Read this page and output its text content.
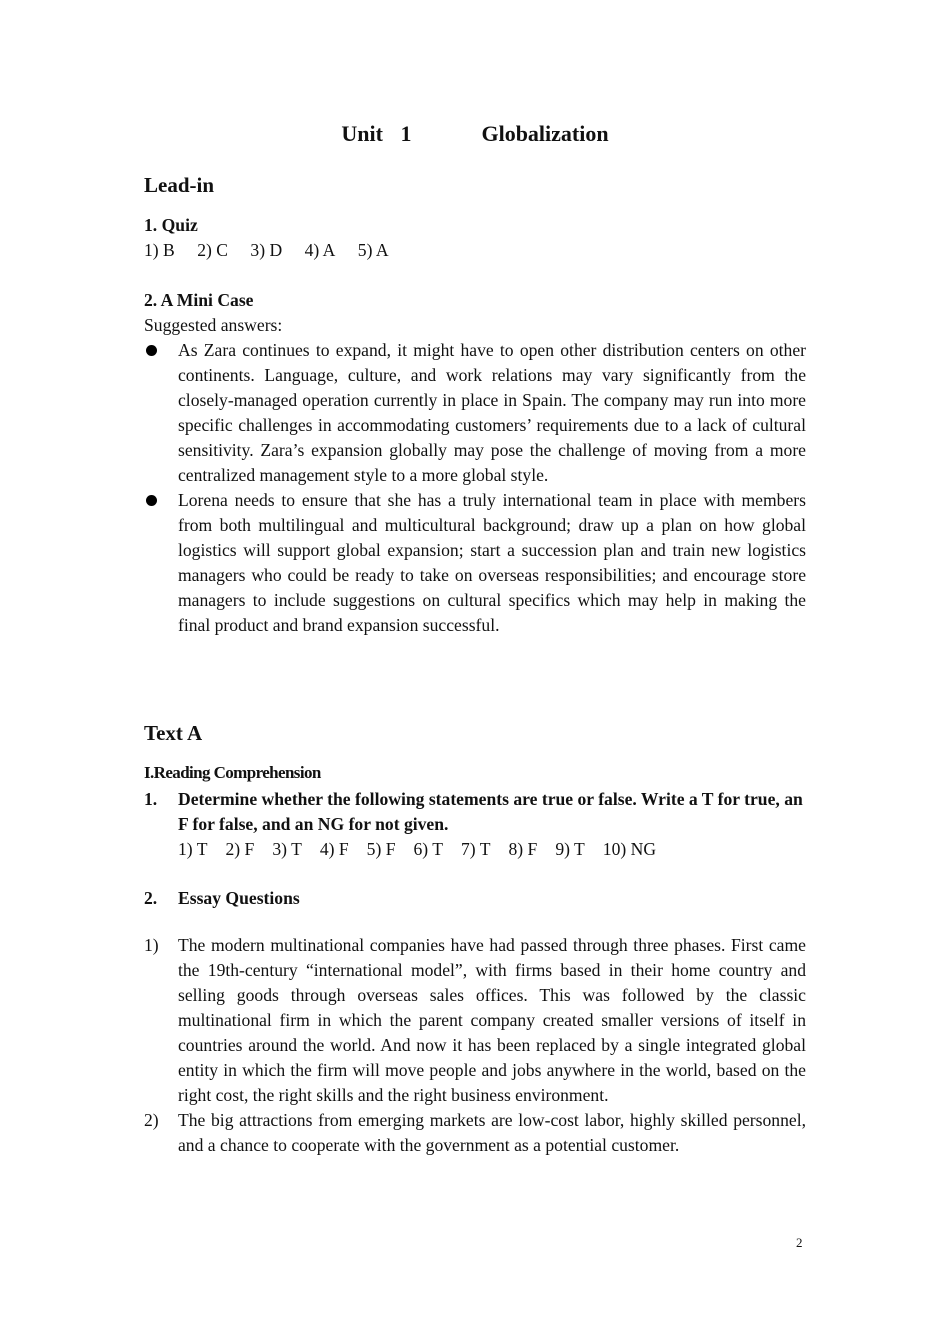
Unit 1    Globalization
Lead-in
1. Quiz
1) B 2) C 3) D 4) A 5) A
2. A Mini Case
Suggested answers:
As Zara continues to expand, it might have to open other distribution centers on other continents. Language, culture, and work relations may vary significantly from the closely-managed operation currently in place in Spain. The company may run into more specific challenges in accommodating customers’ requirements due to a lack of cultural sensitivity. Zara’s expansion globally may pose the challenge of moving from a more centralized management style to a more global style.
Lorena needs to ensure that she has a truly international team in place with members from both multilingual and multicultural background; draw up a plan on how global logistics will support global expansion; start a succession plan and train new logistics managers who could be ready to take on overseas responsibilities; and encourage store managers to include suggestions on cultural specifics which may help in making the final product and brand expansion successful.
Text A
I.Reading Comprehension
1. Determine whether the following statements are true or false. Write a T for true, an F for false, and an NG for not given.
1) T 2) F 3) T 4) F 5) F 6) T 7) T 8) F 9) T 10) NG
2. Essay Questions
1) The modern multinational companies have had passed through three phases. First came the 19th-century “international model”, with firms based in their home country and selling goods through overseas sales offices. This was followed by the classic multinational firm in which the parent company created smaller versions of itself in countries around the world. And now it has been replaced by a single integrated global entity in which the firm will move people and jobs anywhere in the world, based on the right cost, the right skills and the right business environment.
2) The big attractions from emerging markets are low-cost labor, highly skilled personnel, and a chance to cooperate with the government as a potential customer.
2
